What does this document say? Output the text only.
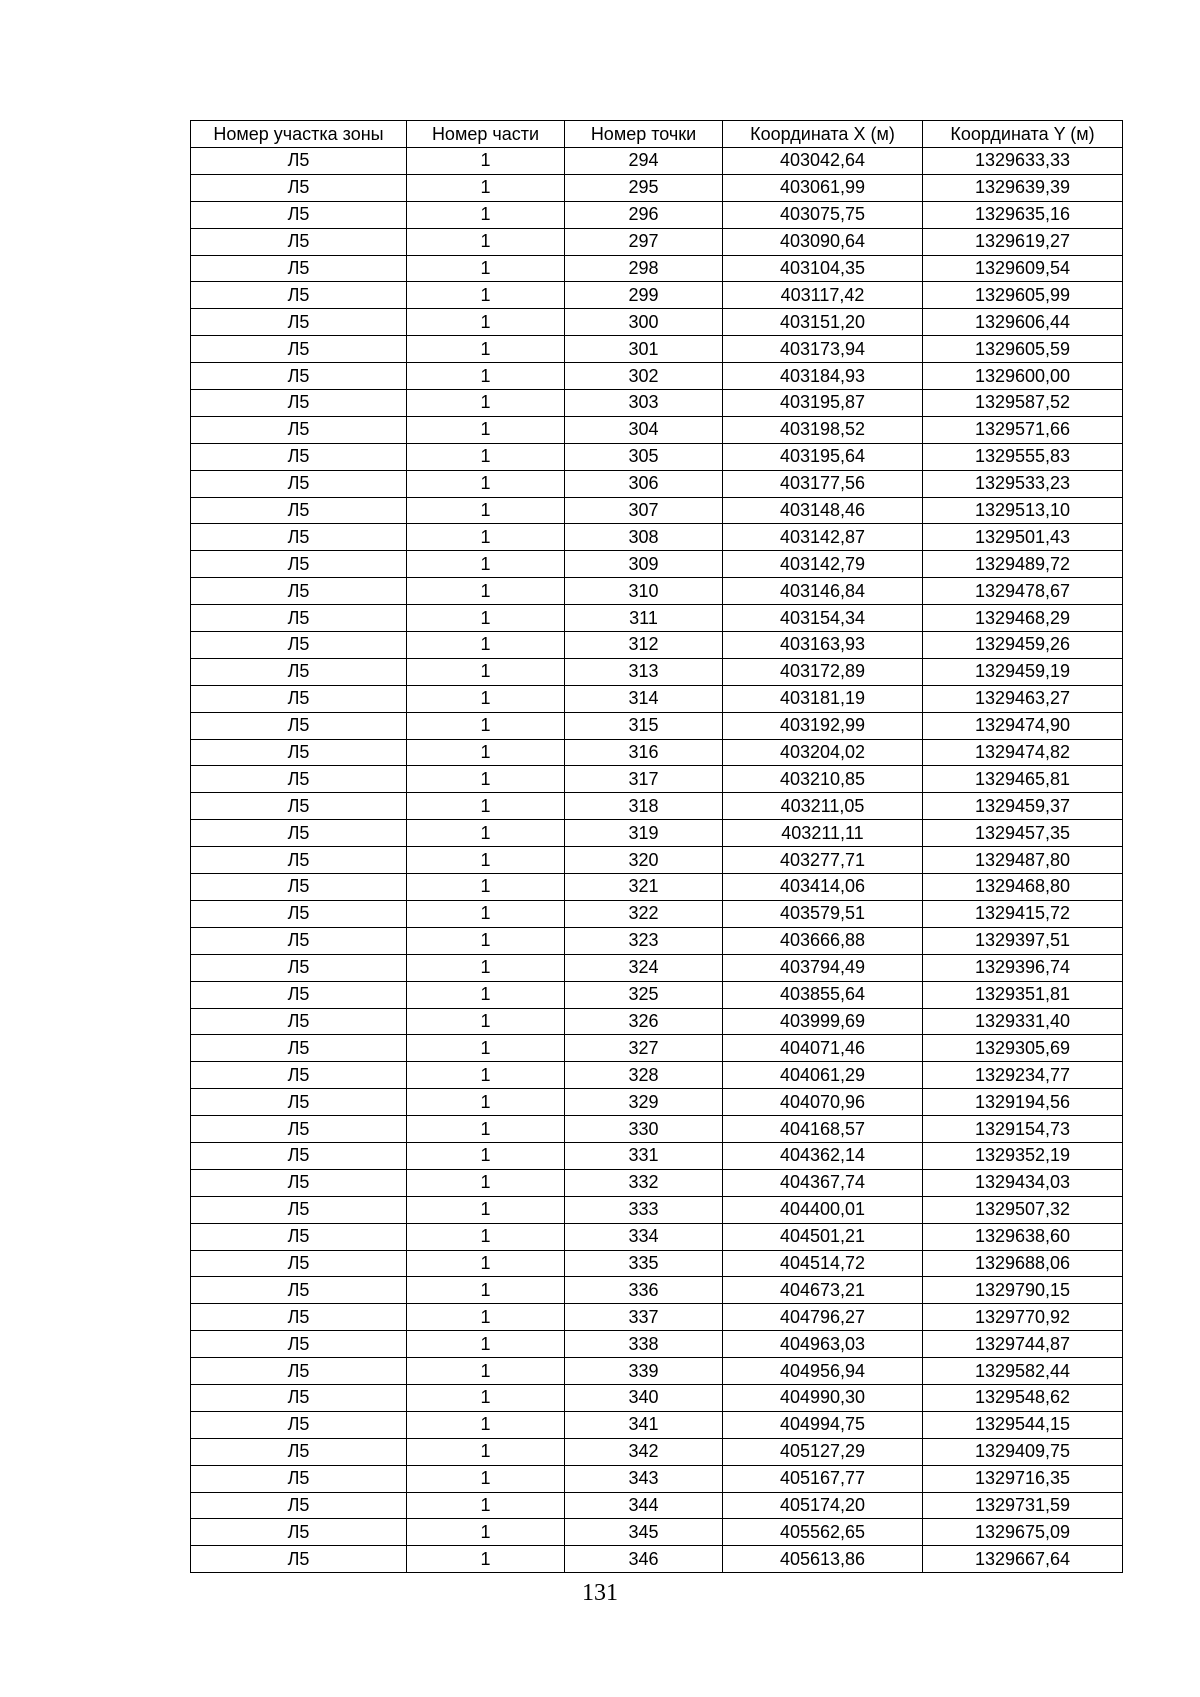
Номер участка зоны	Номер части	Номер точки	Координата X (м)	Координата Y (м)
Л5	1	294	403042,64	1329633,33
Л5	1	295	403061,99	1329639,39
Л5	1	296	403075,75	1329635,16
Л5	1	297	403090,64	1329619,27
Л5	1	298	403104,35	1329609,54
Л5	1	299	403117,42	1329605,99
Л5	1	300	403151,20	1329606,44
Л5	1	301	403173,94	1329605,59
Л5	1	302	403184,93	1329600,00
Л5	1	303	403195,87	1329587,52
Л5	1	304	403198,52	1329571,66
Л5	1	305	403195,64	1329555,83
Л5	1	306	403177,56	1329533,23
Л5	1	307	403148,46	1329513,10
Л5	1	308	403142,87	1329501,43
Л5	1	309	403142,79	1329489,72
Л5	1	310	403146,84	1329478,67
Л5	1	311	403154,34	1329468,29
Л5	1	312	403163,93	1329459,26
Л5	1	313	403172,89	1329459,19
Л5	1	314	403181,19	1329463,27
Л5	1	315	403192,99	1329474,90
Л5	1	316	403204,02	1329474,82
Л5	1	317	403210,85	1329465,81
Л5	1	318	403211,05	1329459,37
Л5	1	319	403211,11	1329457,35
Л5	1	320	403277,71	1329487,80
Л5	1	321	403414,06	1329468,80
Л5	1	322	403579,51	1329415,72
Л5	1	323	403666,88	1329397,51
Л5	1	324	403794,49	1329396,74
Л5	1	325	403855,64	1329351,81
Л5	1	326	403999,69	1329331,40
Л5	1	327	404071,46	1329305,69
Л5	1	328	404061,29	1329234,77
Л5	1	329	404070,96	1329194,56
Л5	1	330	404168,57	1329154,73
Л5	1	331	404362,14	1329352,19
Л5	1	332	404367,74	1329434,03
Л5	1	333	404400,01	1329507,32
Л5	1	334	404501,21	1329638,60
Л5	1	335	404514,72	1329688,06
Л5	1	336	404673,21	1329790,15
Л5	1	337	404796,27	1329770,92
Л5	1	338	404963,03	1329744,87
Л5	1	339	404956,94	1329582,44
Л5	1	340	404990,30	1329548,62
Л5	1	341	404994,75	1329544,15
Л5	1	342	405127,29	1329409,75
Л5	1	343	405167,77	1329716,35
Л5	1	344	405174,20	1329731,59
Л5	1	345	405562,65	1329675,09
Л5	1	346	405613,86	1329667,64
131
